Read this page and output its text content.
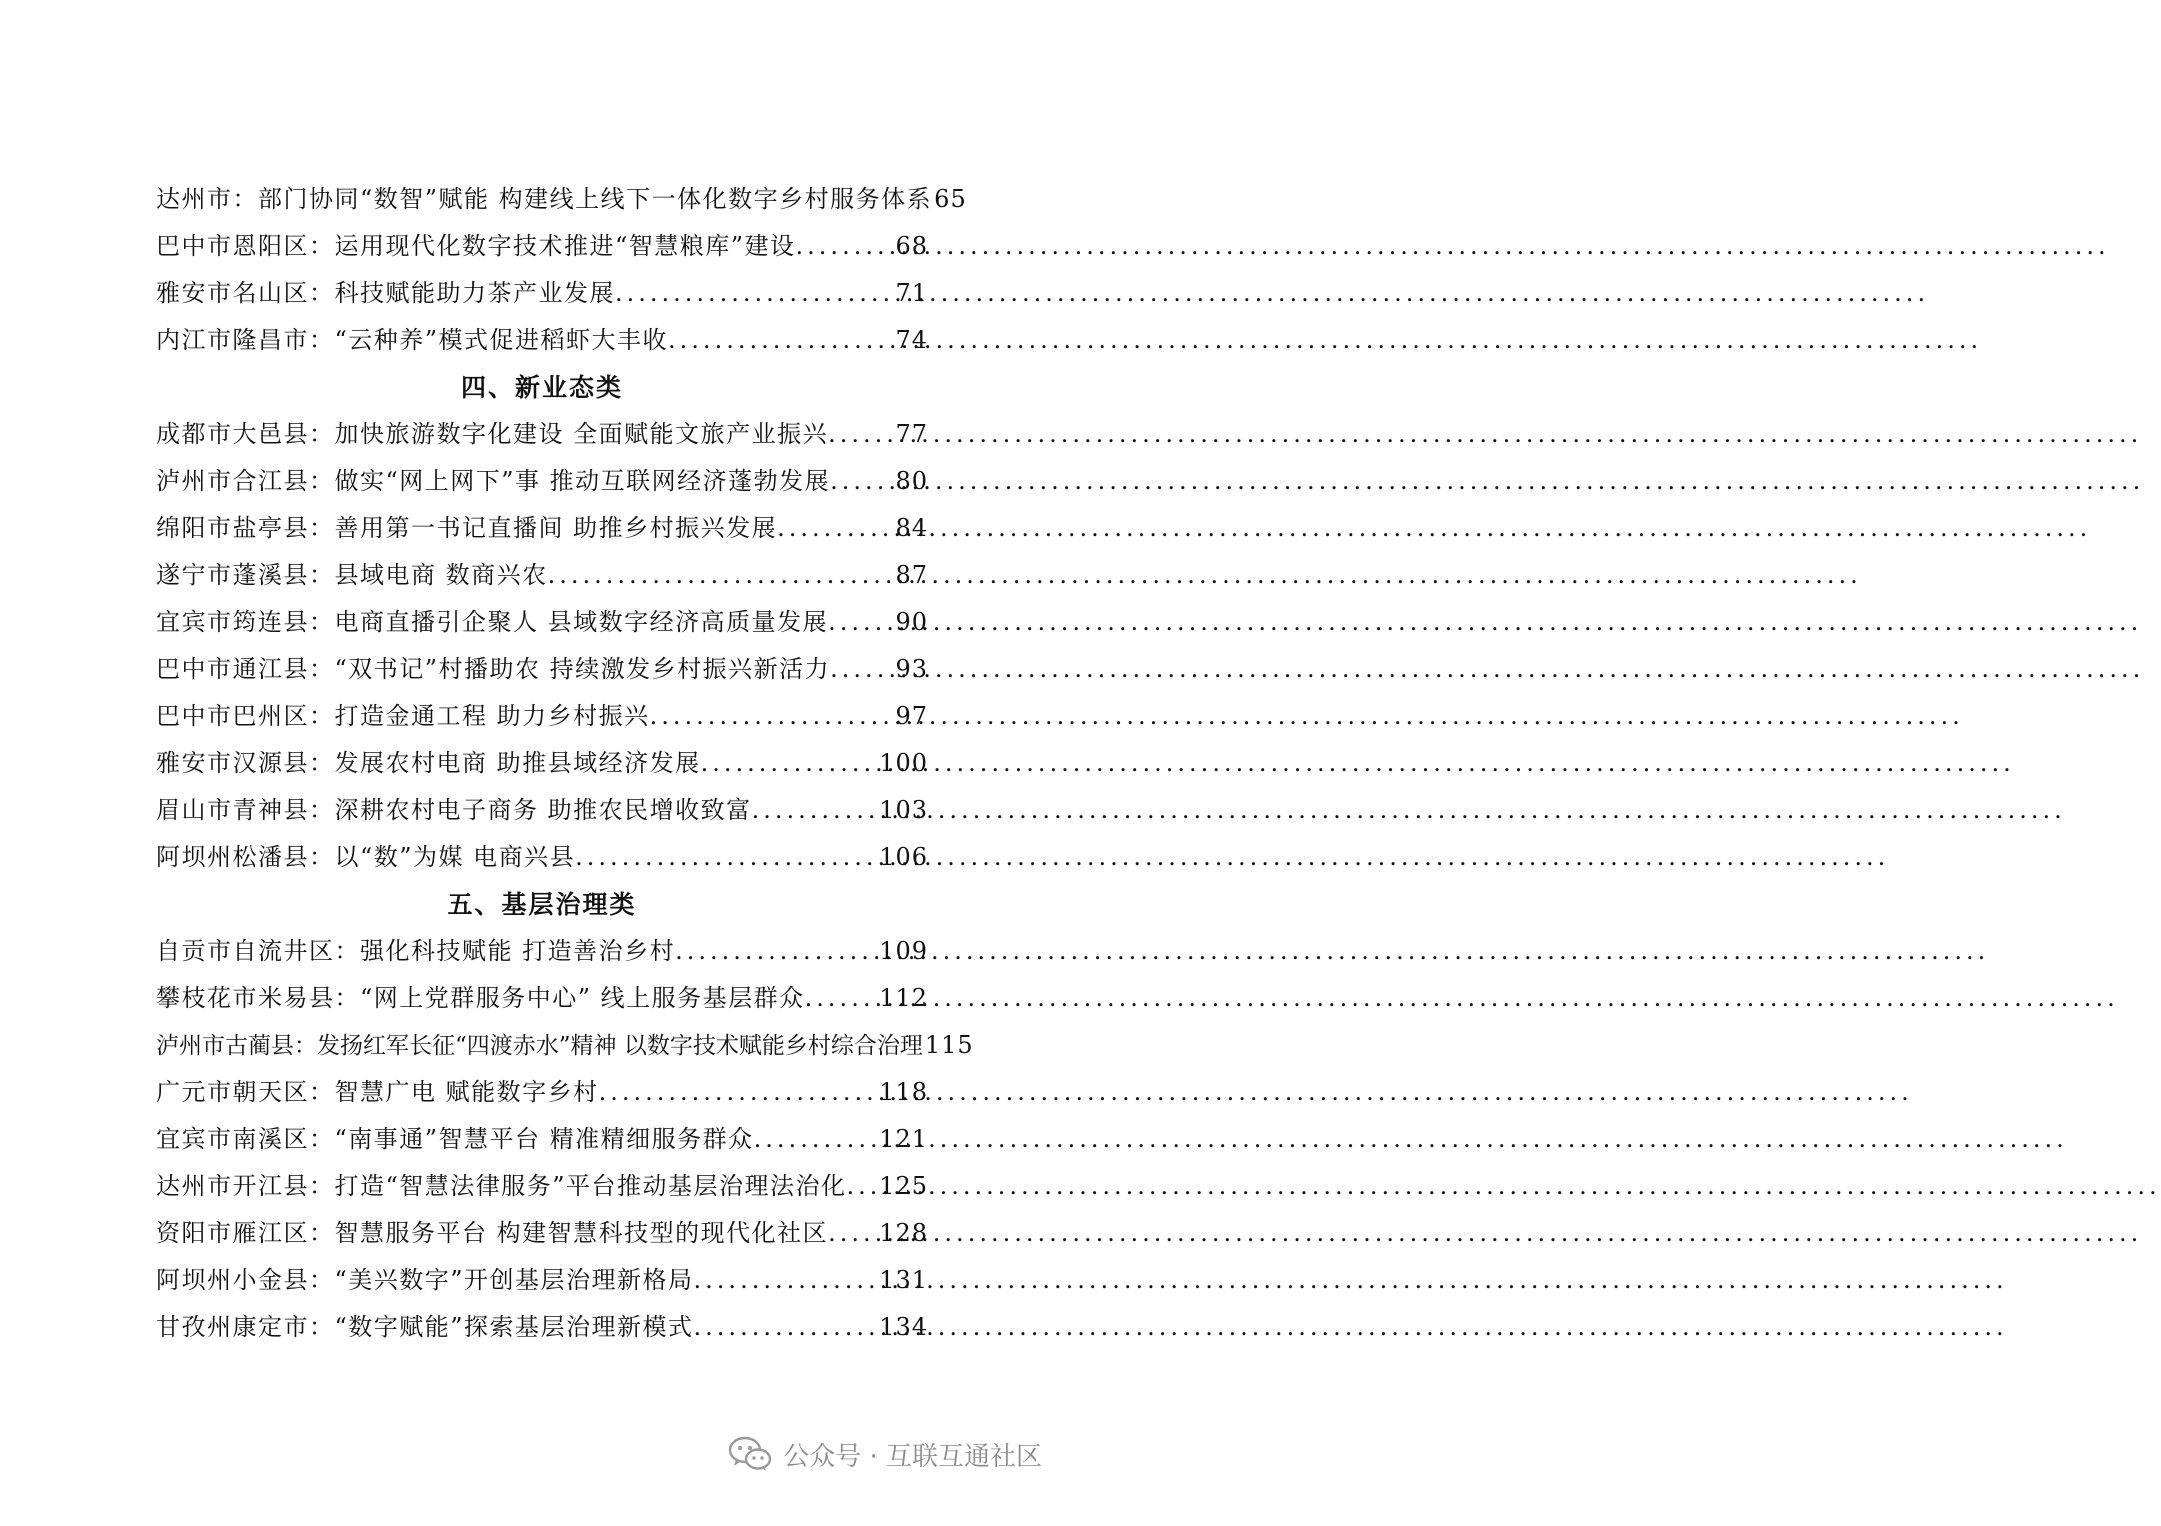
达州市：部门协同“数智”赋能 构建线上线下一体化数字乡村服务体系 65
巴中市恩阳区：运用现代化数字技术推进“智慧粮库”建设 .....	68
雅安市名山区：科技赋能助力茶产业发展 .....	71
内江市隆昌市：“云种养”模式促进稻虾大丰收 .....	74
四、新业态类
成都市大邑县：加快旅游数字化建设 全面赋能文旅产业振兴 .....	77
泸州市合江县：做实“网上网下”事 推动互联网经济蓬勃发展 .....	80
绵阳市盐亭县：善用第一书记直播间 助推乡村振兴发展 .....	84
遂宁市蓬溪县：县域电商 数商兴农 .....	87
宜宾市筠连县：电商直播引企聚人 县域数字经济高质量发展 .....	90
巴中市通江县：“双书记”村播助农 持续激发乡村振兴新活力 .....	93
巴中市巴州区：打造金通工程 助力乡村振兴 .....	97
雅安市汉源县：发展农村电商 助推县域经济发展 .....	100
眉山市青神县：深耕农村电子商务 助推农民增收致富 .....	103
阿坝州松潘县：以“数”为媒 电商兴县 .....	106
五、基层治理类
自贡市自流井区：强化科技赋能 打造善治乡村 .....	109
攀枝花市米易县：“网上党群服务中心” 线上服务基层群众 .....	112
泸州市古蔺县：发扬红军长征“四渡赤水”精神 以数字技术赋能乡村综合治理 115
广元市朝天区：智慧广电 赋能数字乡村 .....	118
宜宾市南溪区：“南事通”智慧平台 精准精细服务群众 .....	121
达州市开江县：打造“智慧法律服务”平台推动基层治理法治化 ..... 125
资阳市雁江区：智慧服务平台 构建智慧科技型的现代化社区 ..... 128
阿坝州小金县：“美兴数字”开创基层治理新格局 .....	131
甘孜州康定市：“数字赋能”探索基层治理新模式 .....	134
公众号 · 互联互通社区
